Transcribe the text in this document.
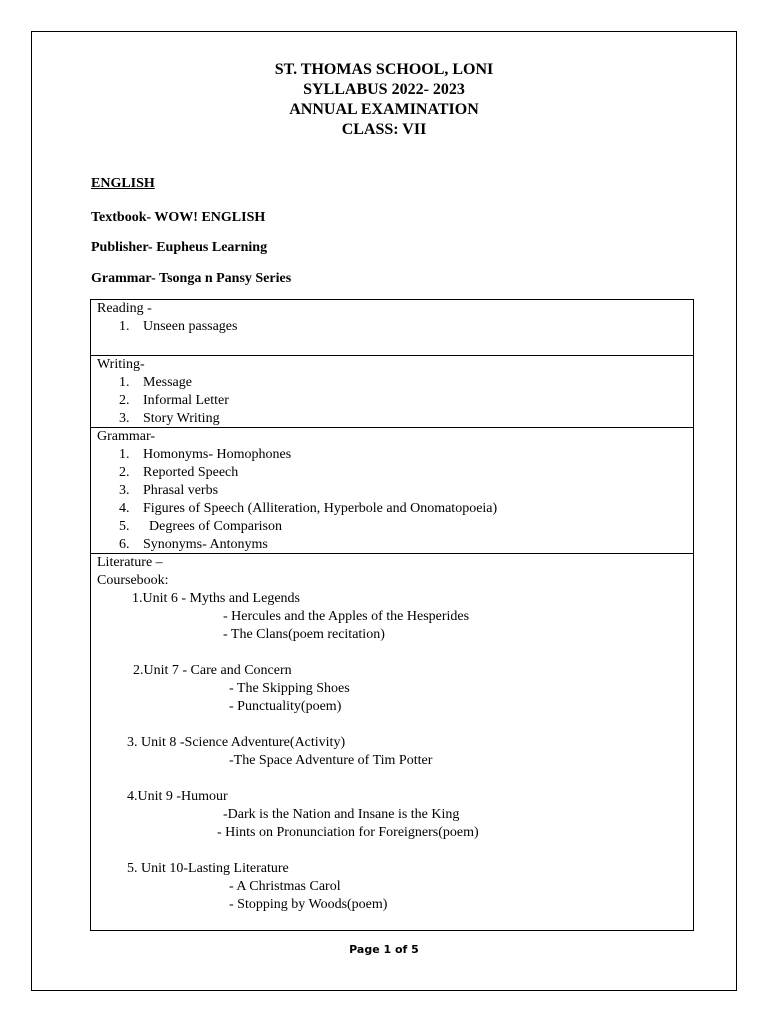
ST. THOMAS SCHOOL, LONI
SYLLABUS 2022- 2023
ANNUAL EXAMINATION
CLASS: VII
ENGLISH
Textbook- WOW! ENGLISH
Publisher- Eupheus Learning
Grammar- Tsonga n Pansy Series
Reading -
1. Unseen passages
Writing-
1. Message
2. Informal Letter
3. Story Writing
Grammar-
1. Homonyms- Homophones
2. Reported Speech
3. Phrasal verbs
4. Figures of Speech (Alliteration, Hyperbole and Onomatopoeia)
5.	Degrees of Comparison
6. Synonyms- Antonyms
Literature –
Coursebook:
1.Unit 6 - Myths and Legends
- Hercules and the Apples of the Hesperides
- The Clans(poem recitation)
2.Unit 7 - Care and Concern
- The Skipping Shoes
- Punctuality(poem)
3. Unit 8 -Science Adventure(Activity)
-The Space Adventure of Tim Potter
4.Unit 9 -Humour
-Dark is the Nation and Insane is the King
- Hints on Pronunciation for Foreigners(poem)
5. Unit 10-Lasting Literature
- A Christmas Carol
- Stopping by Woods(poem)
Page 1 of 5
